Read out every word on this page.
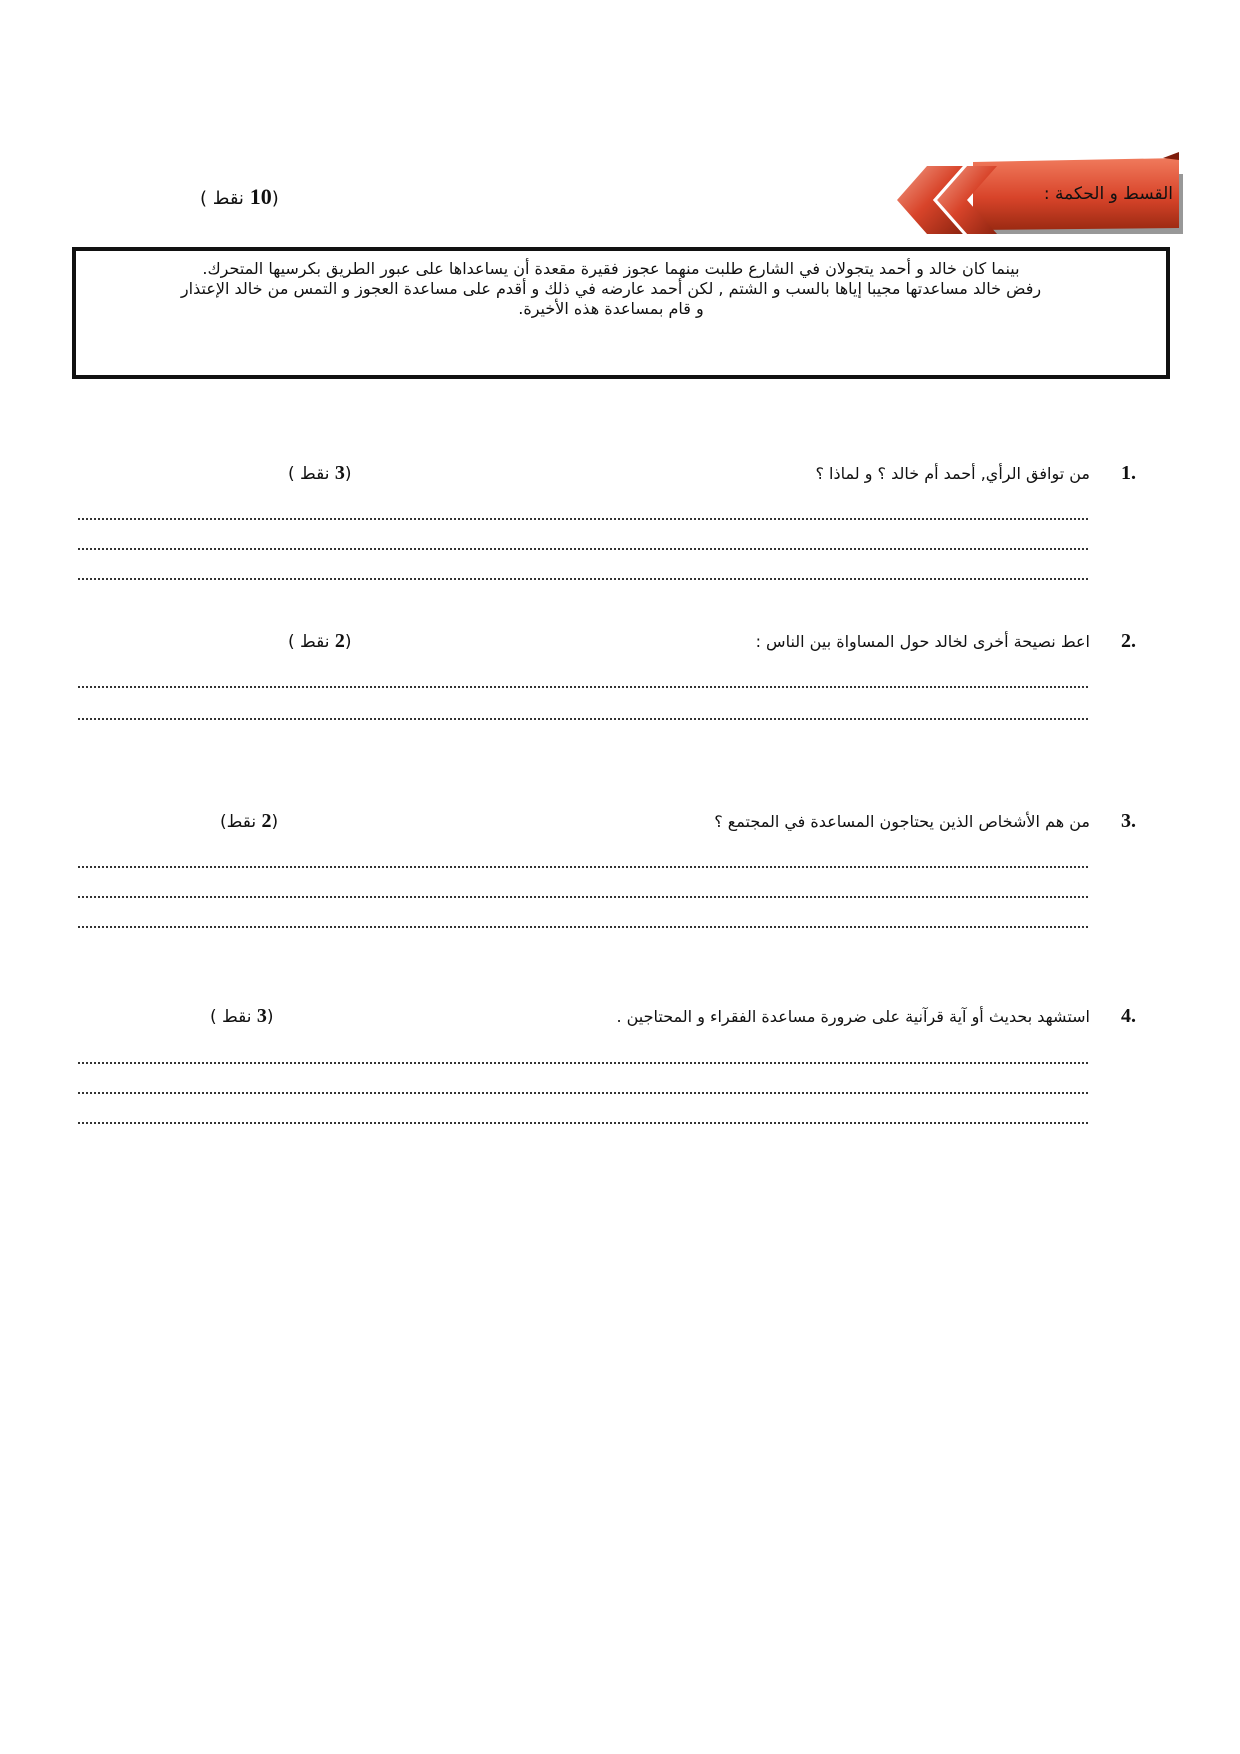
القسط و الحكمة :
(10 نقط )
بينما كان خالد و أحمد يتجولان في الشارع طلبت منهما عجوز فقيرة مقعدة أن يساعداها على عبور الطريق بكرسيها المتحرك.
رفض خالد مساعدتها مجيبا إياها بالسب و الشتم , لكن أحمد عارضه في ذلك و أقدم على مساعدة العجوز و التمس من خالد الإعتذار
و قام بمساعدة هذه الأخيرة.
1.
من توافق الرأي, أحمد أم خالد ؟ و لماذا ؟
(3 نقط )
2.
اعط نصيحة أخرى لخالد حول المساواة بين الناس :
(2 نقط )
3.
من هم الأشخاص الذين يحتاجون المساعدة في المجتمع ؟
(2 نقط)
4.
استشهد بحديث أو آية قرآنية على ضرورة مساعدة الفقراء و المحتاجين .
(3 نقط )
